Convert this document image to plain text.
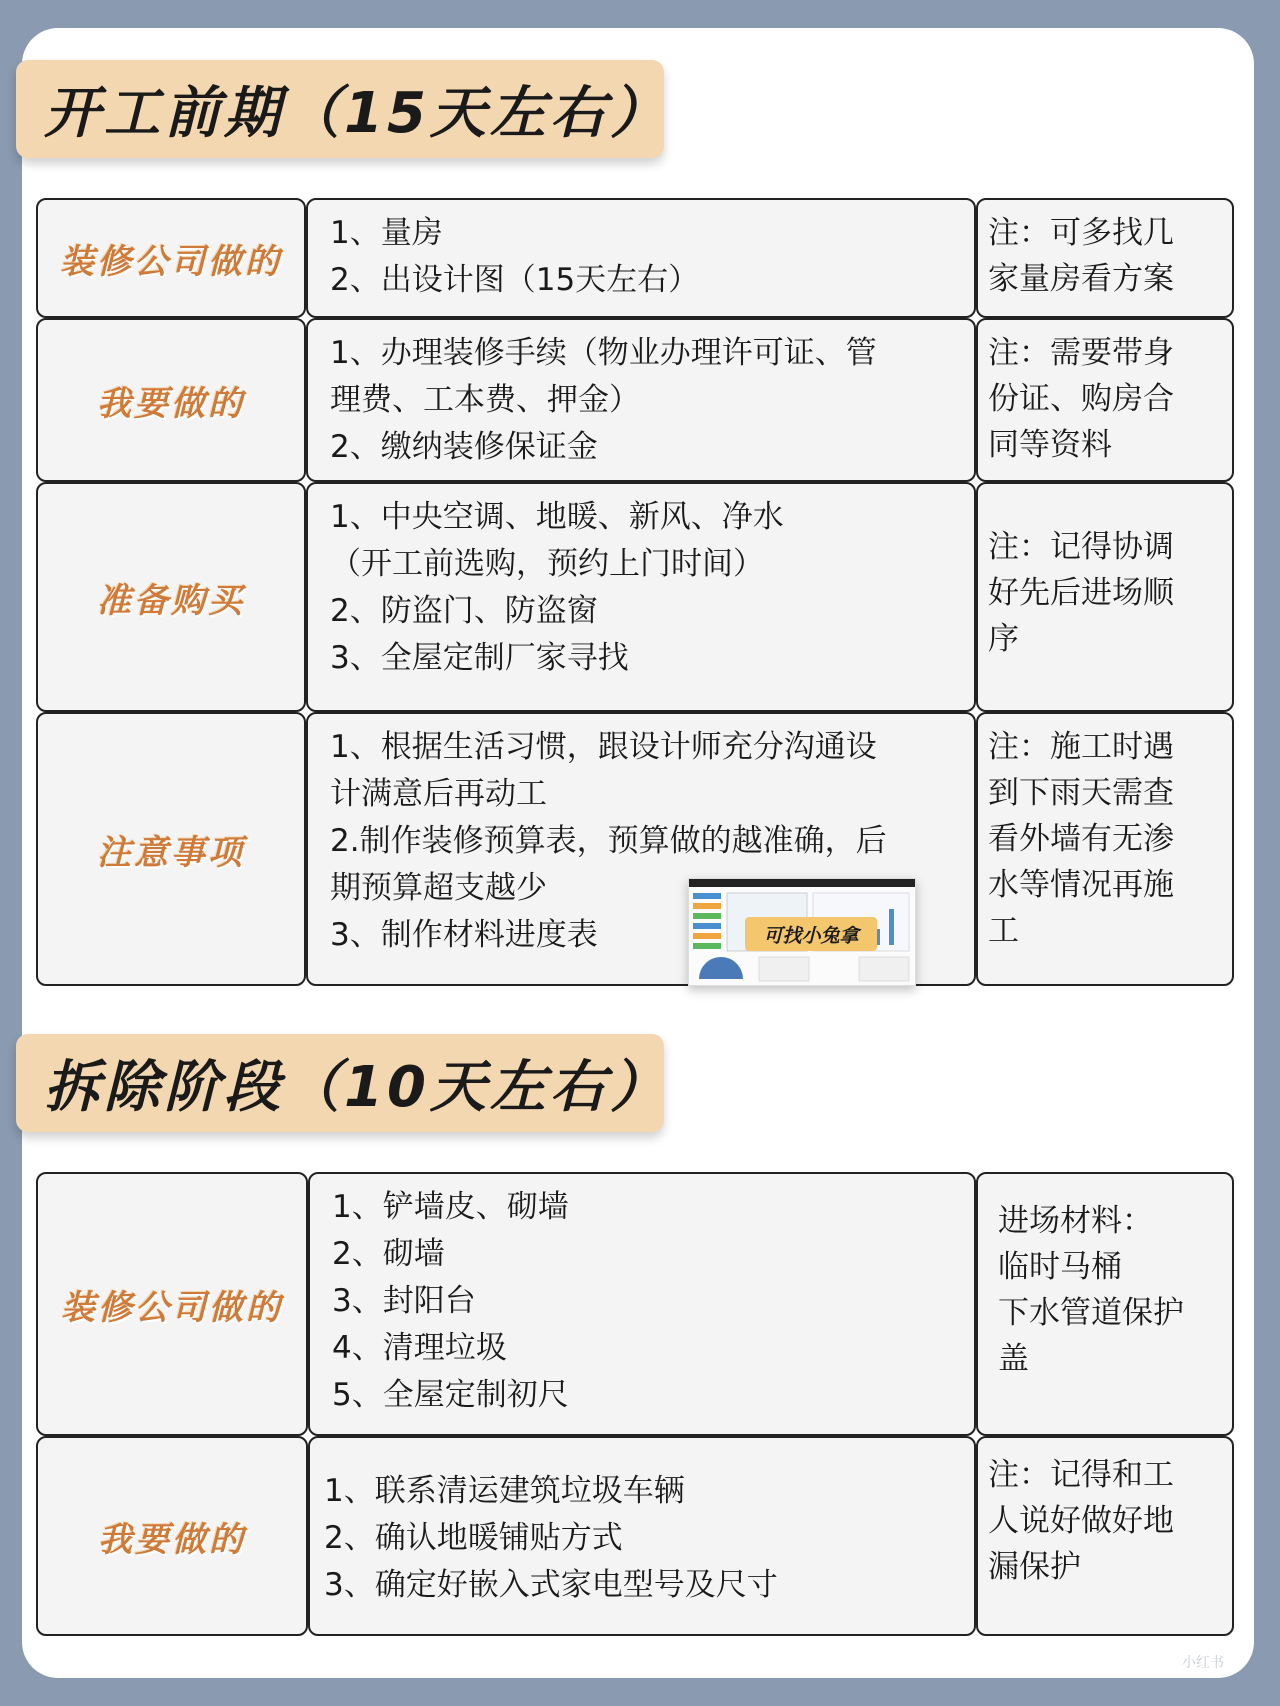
小红书
开工前期（15天左右）
装修公司做的
1、量房
2、出设计图（15天左右）
注：可多找几
家量房看方案
我要做的
1、办理装修手续（物业办理许可证、管
理费、工本费、押金）
2、缴纳装修保证金
注：需要带身
份证、购房合
同等资料
准备购买
1、中央空调、地暖、新风、净水
（开工前选购，预约上门时间）
2、防盗门、防盗窗
3、全屋定制厂家寻找
注：记得协调
好先后进场顺
序
注意事项
1、根据生活习惯，跟设计师充分沟通设
计满意后再动工
2.制作装修预算表，预算做的越准确，后
期预算超支越少
3、制作材料进度表
注：施工时遇
到下雨天需查
看外墙有无渗
水等情况再施
工
可找小兔拿
拆除阶段（10天左右）
装修公司做的
1、铲墙皮、砌墙
2、砌墙
3、封阳台
4、清理垃圾
5、全屋定制初尺
进场材料：
临时马桶
下水管道保护
盖
我要做的
1、联系清运建筑垃圾车辆
2、确认地暖铺贴方式
3、确定好嵌入式家电型号及尺寸
注：记得和工
人说好做好地
漏保护
